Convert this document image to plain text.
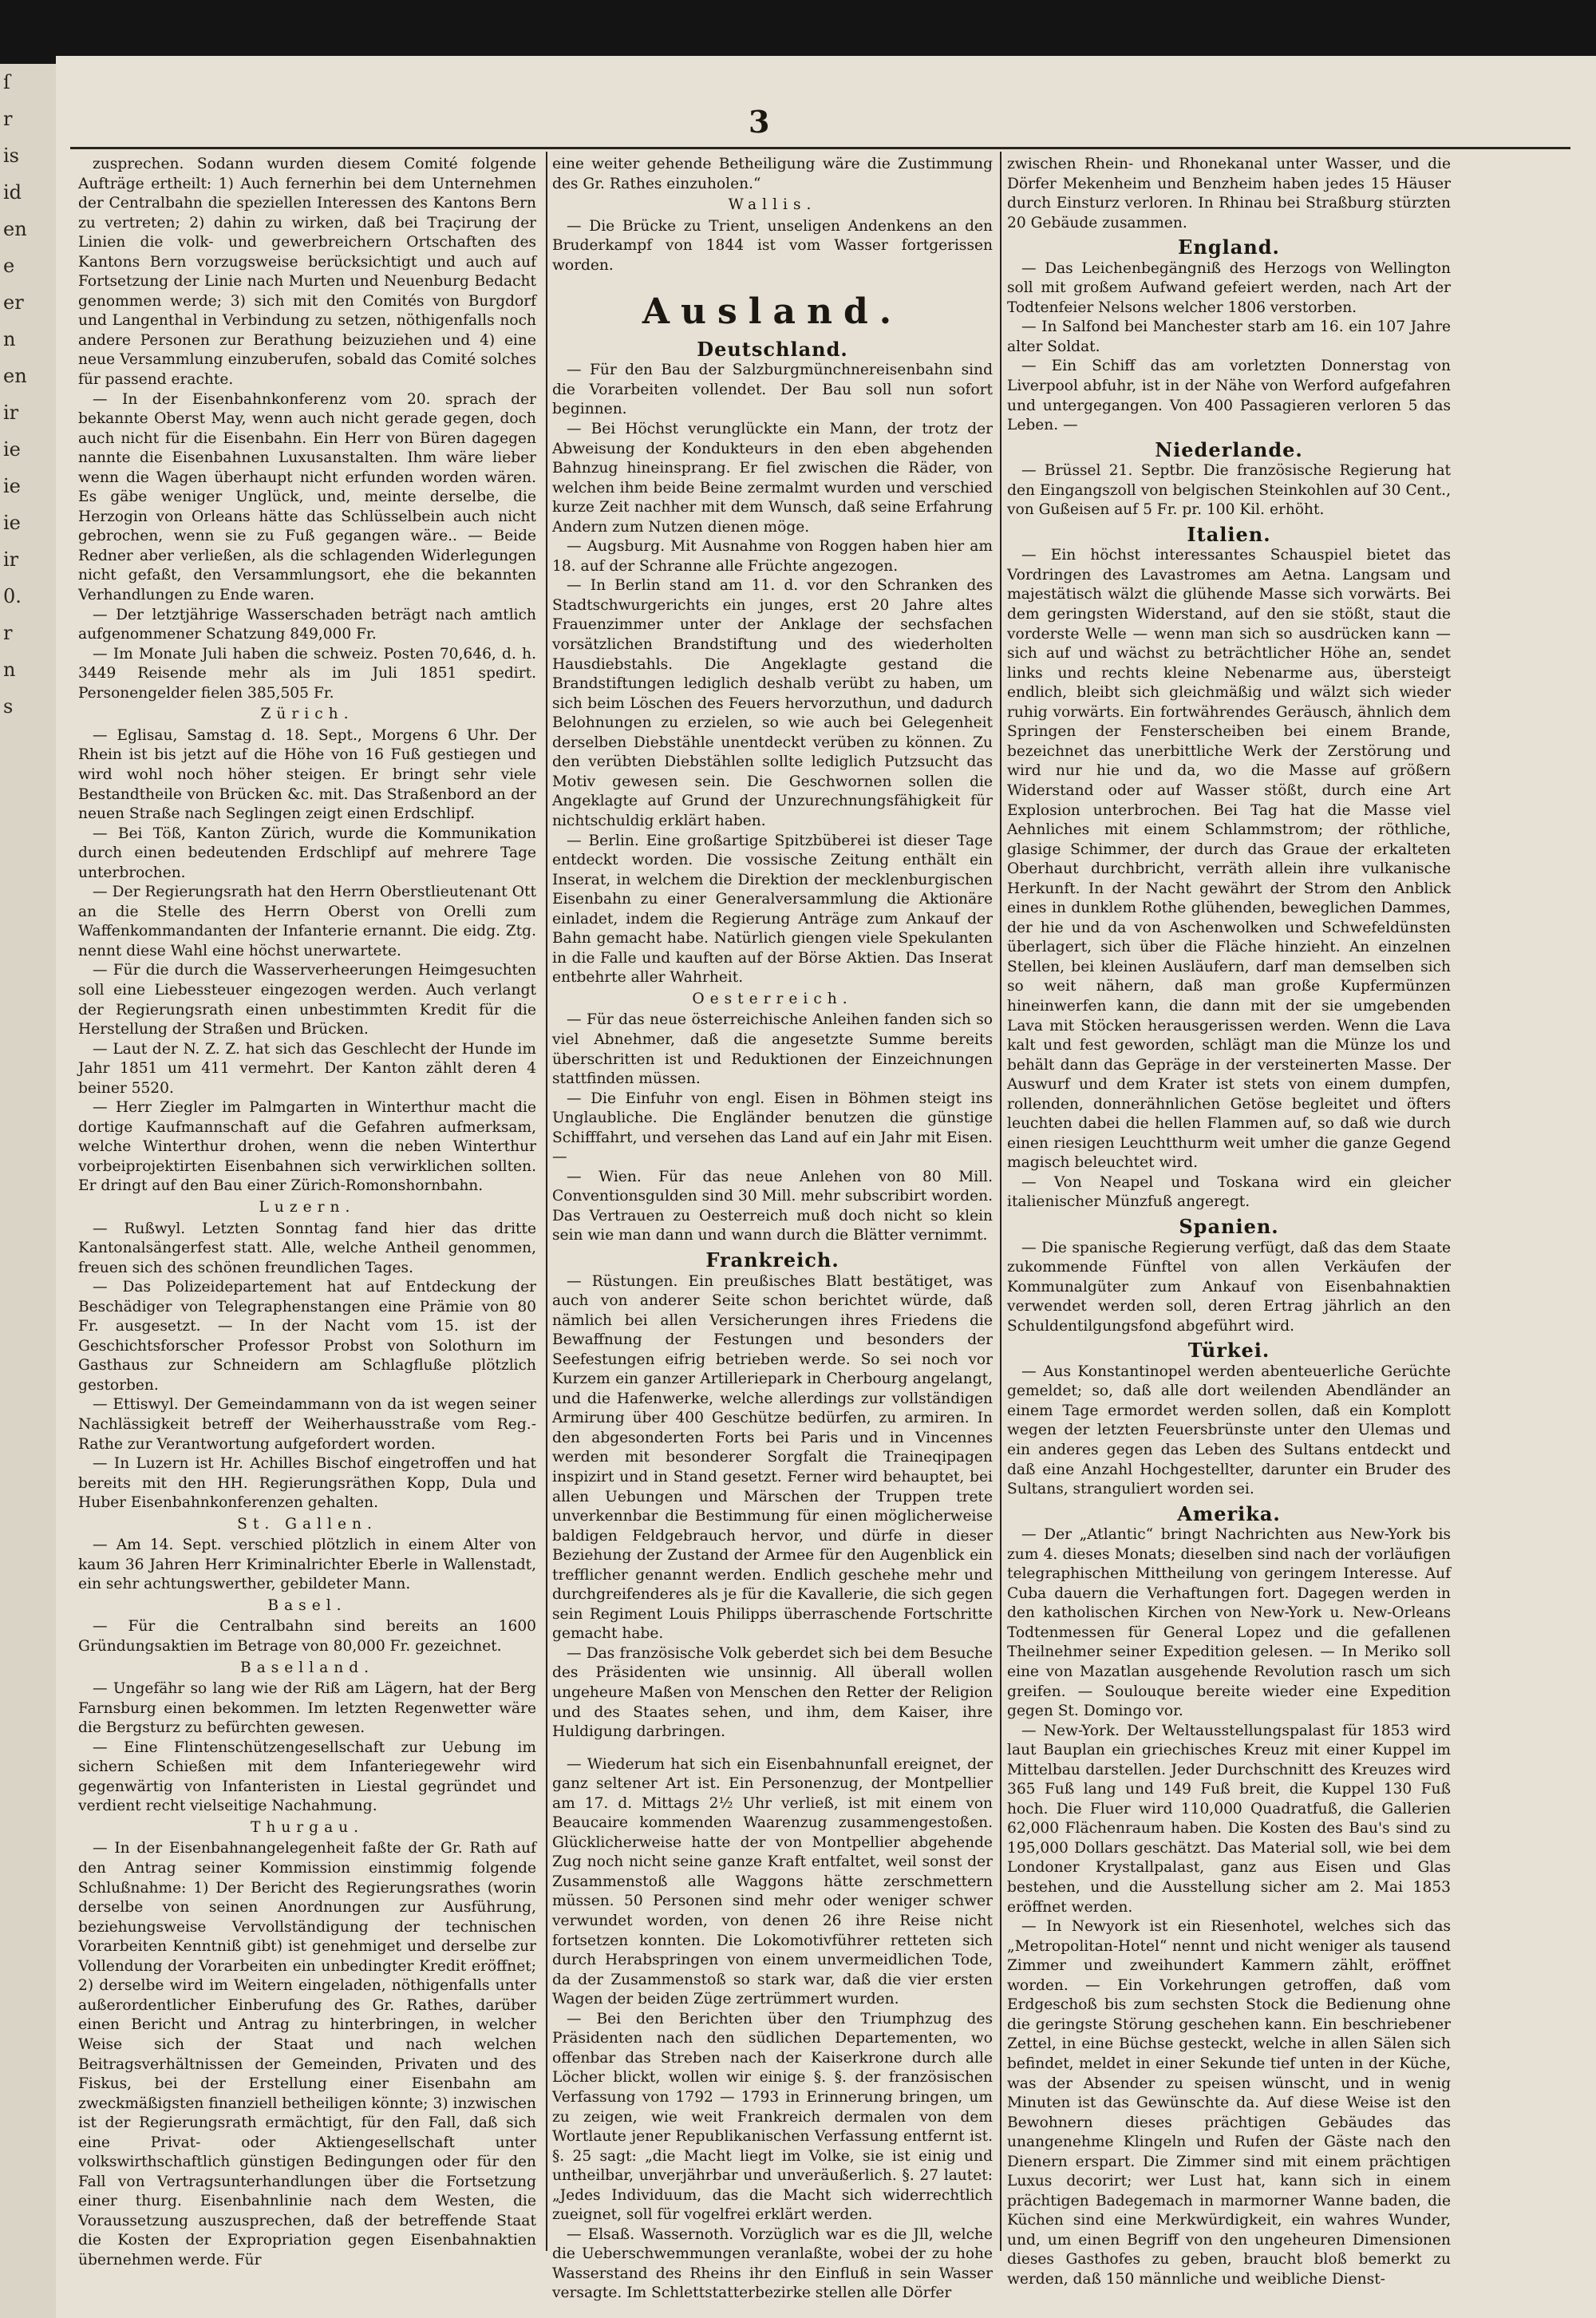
ſ
r
is
id
en
e
er
n
en
ir
ie
ie
ie
ir
0.
r
n
s
3

zusprechen. Sodann wurden diesem Comité folgende Aufträge ertheilt: 1) Auch fernerhin bei dem Unternehmen der Centralbahn die speziellen Interessen des Kantons Bern zu vertreten; 2) dahin zu wirken, daß bei Traçirung der Linien die volk- und gewerbreichern Ortschaften des Kantons Bern vorzugsweise berücksichtigt und auch auf Fortsetzung der Linie nach Murten und Neuenburg Bedacht genommen werde; 3) sich mit den Comités von Burgdorf und Langenthal in Verbindung zu setzen, nöthigenfalls noch andere Personen zur Berathung beizuziehen und 4) eine neue Versammlung einzuberufen, sobald das Comité solches für passend erachte.

— In der Eisenbahnkonferenz vom 20. sprach der bekannte Oberst May, wenn auch nicht gerade gegen, doch auch nicht für die Eisenbahn. Ein Herr von Büren dagegen nannte die Eisenbahnen Luxusanstalten. Ihm wäre lieber wenn die Wagen überhaupt nicht erfunden worden wären. Es gäbe weniger Unglück, und, meinte derselbe, die Herzogin von Orleans hätte das Schlüsselbein auch nicht gebrochen, wenn sie zu Fuß gegangen wäre.. — Beide Redner aber verließen, als die schlagenden Widerlegungen nicht gefaßt, den Versammlungsort, ehe die bekannten Verhandlungen zu Ende waren.

— Der letztjährige Wasserschaden beträgt nach amtlich aufgenommener Schatzung 849,000 Fr.

— Im Monate Juli haben die schweiz. Posten 70,646, d. h. 3449 Reisende mehr als im Juli 1851 spedirt. Personengelder fielen 385,505 Fr.

Zürich.

— Eglisau, Samstag d. 18. Sept., Morgens 6 Uhr. Der Rhein ist bis jetzt auf die Höhe von 16 Fuß gestiegen und wird wohl noch höher steigen. Er bringt sehr viele Bestandtheile von Brücken &c. mit. Das Straßenbord an der neuen Straße nach Seglingen zeigt einen Erdschlipf.

— Bei Töß, Kanton Zürich, wurde die Kommunikation durch einen bedeutenden Erdschlipf auf mehrere Tage unterbrochen.

— Der Regierungsrath hat den Herrn Oberstlieutenant Ott an die Stelle des Herrn Oberst von Orelli zum Waffenkommandanten der Infanterie ernannt. Die eidg. Ztg. nennt diese Wahl eine höchst unerwartete.

— Für die durch die Wasserverheerungen Heimgesuchten soll eine Liebessteuer eingezogen werden. Auch verlangt der Regierungsrath einen unbestimmten Kredit für die Herstellung der Straßen und Brücken.

— Laut der N. Z. Z. hat sich das Geschlecht der Hunde im Jahr 1851 um 411 vermehrt. Der Kanton zählt deren 4 beiner 5520.

— Herr Ziegler im Palmgarten in Winterthur macht die dortige Kaufmannschaft auf die Gefahren aufmerksam, welche Winterthur drohen, wenn die neben Winterthur vorbeiprojektirten Eisenbahnen sich verwirklichen sollten. Er dringt auf den Bau einer Zürich-Romonshornbahn.

Luzern.

— Rußwyl. Letzten Sonntag fand hier das dritte Kantonalsängerfest statt. Alle, welche Antheil genommen, freuen sich des schönen freundlichen Tages.

— Das Polizeidepartement hat auf Entdeckung der Beschädiger von Telegraphenstangen eine Prämie von 80 Fr. ausgesetzt. — In der Nacht vom 15. ist der Geschichtsforscher Professor Probst von Solothurn im Gasthaus zur Schneidern am Schlagfluße plötzlich gestorben.

— Ettiswyl. Der Gemeindammann von da ist wegen seiner Nachlässigkeit betreff der Weiherhausstraße vom Reg.-Rathe zur Verantwortung aufgefordert worden.

— In Luzern ist Hr. Achilles Bischof eingetroffen und hat bereits mit den HH. Regierungsräthen Kopp, Dula und Huber Eisenbahnkonferenzen gehalten.

St. Gallen.

— Am 14. Sept. verschied plötzlich in einem Alter von kaum 36 Jahren Herr Kriminalrichter Eberle in Wallenstadt, ein sehr achtungswerther, gebildeter Mann.

Basel.

— Für die Centralbahn sind bereits an 1600 Gründungsaktien im Betrage von 80,000 Fr. gezeichnet.

Baselland.

— Ungefähr so lang wie der Riß am Lägern, hat der Berg Farnsburg einen bekommen. Im letzten Regenwetter wäre die Bergsturz zu befürchten gewesen.

— Eine Flintenschützengesellschaft zur Uebung im sichern Schießen mit dem Infanteriegewehr wird gegenwärtig von Infanteristen in Liestal gegründet und verdient recht vielseitige Nachahmung.

Thurgau.

— In der Eisenbahnangelegenheit faßte der Gr. Rath auf den Antrag seiner Kommission einstimmig folgende Schlußnahme: 1) Der Bericht des Regierungsrathes (worin derselbe von seinen Anordnungen zur Ausführung, beziehungsweise Vervollständigung der technischen Vorarbeiten Kenntniß gibt) ist genehmiget und derselbe zur Vollendung der Vorarbeiten ein unbedingter Kredit eröffnet; 2) derselbe wird im Weitern eingeladen, nöthigenfalls unter außerordentlicher Einberufung des Gr. Rathes, darüber einen Bericht und Antrag zu hinterbringen, in welcher Weise sich der Staat und nach welchen Beitragsverhältnissen der Gemeinden, Privaten und des Fiskus, bei der Erstellung einer Eisenbahn am zweckmäßigsten finanziell betheiligen könnte; 3) inzwischen ist der Regierungsrath ermächtigt, für den Fall, daß sich eine Privat- oder Aktiengesellschaft unter volkswirthschaftlich günstigen Bedingungen oder für den Fall von Vertragsunterhandlungen über die Fortsetzung einer thurg. Eisenbahnlinie nach dem Westen, die Voraussetzung auszusprechen, daß der betreffende Staat die Kosten der Expropriation gegen Eisenbahnaktien übernehmen werde. Für

eine weiter gehende Betheiligung wäre die Zustimmung des Gr. Rathes einzuholen.“

Wallis.

— Die Brücke zu Trient, unseligen Andenkens an den Bruderkampf von 1844 ist vom Wasser fortgerissen worden.

Ausland.
Deutschland.

— Für den Bau der Salzburgmünchnereisenbahn sind die Vorarbeiten vollendet. Der Bau soll nun sofort beginnen.

— Bei Höchst verunglückte ein Mann, der trotz der Abweisung der Kondukteurs in den eben abgehenden Bahnzug hineinsprang. Er fiel zwischen die Räder, von welchen ihm beide Beine zermalmt wurden und verschied kurze Zeit nachher mit dem Wunsch, daß seine Erfahrung Andern zum Nutzen dienen möge.

— Augsburg. Mit Ausnahme von Roggen haben hier am 18. auf der Schranne alle Früchte angezogen.

— In Berlin stand am 11. d. vor den Schranken des Stadtschwurgerichts ein junges, erst 20 Jahre altes Frauenzimmer unter der Anklage der sechsfachen vorsätzlichen Brandstiftung und des wiederholten Hausdiebstahls. Die Angeklagte gestand die Brandstiftungen lediglich deshalb verübt zu haben, um sich beim Löschen des Feuers hervorzuthun, und dadurch Belohnungen zu erzielen, so wie auch bei Gelegenheit derselben Diebstähle unentdeckt verüben zu können. Zu den verübten Diebstählen sollte lediglich Putzsucht das Motiv gewesen sein. Die Geschwornen sollen die Angeklagte auf Grund der Unzurechnungsfähigkeit für nichtschuldig erklärt haben.

— Berlin. Eine großartige Spitzbüberei ist dieser Tage entdeckt worden. Die vossische Zeitung enthält ein Inserat, in welchem die Direktion der mecklenburgischen Eisenbahn zu einer Generalversammlung die Aktionäre einladet, indem die Regierung Anträge zum Ankauf der Bahn gemacht habe. Natürlich giengen viele Spekulanten in die Falle und kauften auf der Börse Aktien. Das Inserat entbehrte aller Wahrheit.

Oesterreich.

— Für das neue österreichische Anleihen fanden sich so viel Abnehmer, daß die angesetzte Summe bereits überschritten ist und Reduktionen der Einzeichnungen stattfinden müssen.

— Die Einfuhr von engl. Eisen in Böhmen steigt ins Unglaubliche. Die Engländer benutzen die günstige Schifffahrt, und versehen das Land auf ein Jahr mit Eisen. —

— Wien. Für das neue Anlehen von 80 Mill. Conventionsgulden sind 30 Mill. mehr subscribirt worden. Das Vertrauen zu Oesterreich muß doch nicht so klein sein wie man dann und wann durch die Blätter vernimmt.

Frankreich.

— Rüstungen. Ein preußisches Blatt bestätiget, was auch von anderer Seite schon berichtet würde, daß nämlich bei allen Versicherungen ihres Friedens die Bewaffnung der Festungen und besonders der Seefestungen eifrig betrieben werde. So sei noch vor Kurzem ein ganzer Artilleriepark in Cherbourg angelangt, und die Hafenwerke, welche allerdings zur vollständigen Armirung über 400 Geschütze bedürfen, zu armiren. In den abgesonderten Forts bei Paris und in Vincennes werden mit besonderer Sorgfalt die Traineqipagen inspizirt und in Stand gesetzt. Ferner wird behauptet, bei allen Uebungen und Märschen der Truppen trete unverkennbar die Bestimmung für einen möglicherweise baldigen Feldgebrauch hervor, und dürfe in dieser Beziehung der Zustand der Armee für den Augenblick ein trefflicher genannt werden. Endlich geschehe mehr und durchgreifenderes als je für die Kavallerie, die sich gegen sein Regiment Louis Philipps überraschende Fortschritte gemacht habe.

— Das französische Volk geberdet sich bei dem Besuche des Präsidenten wie unsinnig. All überall wollen ungeheure Maßen von Menschen den Retter der Religion und des Staates sehen, und ihm, dem Kaiser, ihre Huldigung darbringen.

— Wiederum hat sich ein Eisenbahnunfall ereignet, der ganz seltener Art ist. Ein Personenzug, der Montpellier am 17. d. Mittags 2½ Uhr verließ, ist mit einem von Beaucaire kommenden Waarenzug zusammengestoßen. Glücklicherweise hatte der von Montpellier abgehende Zug noch nicht seine ganze Kraft entfaltet, weil sonst der Zusammenstoß alle Waggons hätte zerschmettern müssen. 50 Personen sind mehr oder weniger schwer verwundet worden, von denen 26 ihre Reise nicht fortsetzen konnten. Die Lokomotivführer retteten sich durch Herabspringen von einem unvermeidlichen Tode, da der Zusammenstoß so stark war, daß die vier ersten Wagen der beiden Züge zertrümmert wurden.

— Bei den Berichten über den Triumphzug des Präsidenten nach den südlichen Departementen, wo offenbar das Streben nach der Kaiserkrone durch alle Löcher blickt, wollen wir einige §. §. der französischen Verfassung von 1792 — 1793 in Erinnerung bringen, um zu zeigen, wie weit Frankreich dermalen von dem Wortlaute jener Republikanischen Verfassung entfernt ist. §. 25 sagt: „die Macht liegt im Volke, sie ist einig und untheilbar, unverjährbar und unveräußerlich. §. 27 lautet: „Jedes Individuum, das die Macht sich widerrechtlich zueignet, soll für vogelfrei erklärt werden.

— Elsaß. Wassernoth. Vorzüglich war es die Jll, welche die Ueberschwemmungen veranlaßte, wobei der zu hohe Wasserstand des Rheins ihr den Einfluß in sein Wasser versagte. Im Schlettstatterbezirke stellen alle Dörfer

zwischen Rhein- und Rhonekanal unter Wasser, und die Dörfer Mekenheim und Benzheim haben jedes 15 Häuser durch Einsturz verloren. In Rhinau bei Straßburg stürzten 20 Gebäude zusammen.

England.

— Das Leichenbegängniß des Herzogs von Wellington soll mit großem Aufwand gefeiert werden, nach Art der Todtenfeier Nelsons welcher 1806 verstorben.

— In Salfond bei Manchester starb am 16. ein 107 Jahre alter Soldat.

— Ein Schiff das am vorletzten Donnerstag von Liverpool abfuhr, ist in der Nähe von Werford aufgefahren und untergegangen. Von 400 Passagieren verloren 5 das Leben. —

Niederlande.

— Brüssel 21. Septbr. Die französische Regierung hat den Eingangszoll von belgischen Steinkohlen auf 30 Cent., von Gußeisen auf 5 Fr. pr. 100 Kil. erhöht.

Italien.

— Ein höchst interessantes Schauspiel bietet das Vordringen des Lavastromes am Aetna. Langsam und majestätisch wälzt die glühende Masse sich vorwärts. Bei dem geringsten Widerstand, auf den sie stößt, staut die vorderste Welle — wenn man sich so ausdrücken kann — sich auf und wächst zu beträchtlicher Höhe an, sendet links und rechts kleine Nebenarme aus, übersteigt endlich, bleibt sich gleichmäßig und wälzt sich wieder ruhig vorwärts. Ein fortwährendes Geräusch, ähnlich dem Springen der Fensterscheiben bei einem Brande, bezeichnet das unerbittliche Werk der Zerstörung und wird nur hie und da, wo die Masse auf größern Widerstand oder auf Wasser stößt, durch eine Art Explosion unterbrochen. Bei Tag hat die Masse viel Aehnliches mit einem Schlammstrom; der röthliche, glasige Schimmer, der durch das Graue der erkalteten Oberhaut durchbricht, verräth allein ihre vulkanische Herkunft. In der Nacht gewährt der Strom den Anblick eines in dunklem Rothe glühenden, beweglichen Dammes, der hie und da von Aschenwolken und Schwefeldünsten überlagert, sich über die Fläche hinzieht. An einzelnen Stellen, bei kleinen Ausläufern, darf man demselben sich so weit nähern, daß man große Kupfermünzen hineinwerfen kann, die dann mit der sie umgebenden Lava mit Stöcken herausgerissen werden. Wenn die Lava kalt und fest geworden, schlägt man die Münze los und behält dann das Gepräge in der versteinerten Masse. Der Auswurf und dem Krater ist stets von einem dumpfen, rollenden, donnerähnlichen Getöse begleitet und öfters leuchten dabei die hellen Flammen auf, so daß wie durch einen riesigen Leuchtthurm weit umher die ganze Gegend magisch beleuchtet wird.

— Von Neapel und Toskana wird ein gleicher italienischer Münzfuß angeregt.

Spanien.

— Die spanische Regierung verfügt, daß das dem Staate zukommende Fünftel von allen Verkäufen der Kommunalgüter zum Ankauf von Eisenbahnaktien verwendet werden soll, deren Ertrag jährlich an den Schuldentilgungsfond abgeführt wird.

Türkei.

— Aus Konstantinopel werden abenteuerliche Gerüchte gemeldet; so, daß alle dort weilenden Abendländer an einem Tage ermordet werden sollen, daß ein Komplott wegen der letzten Feuersbrünste unter den Ulemas und ein anderes gegen das Leben des Sultans entdeckt und daß eine Anzahl Hochgestellter, darunter ein Bruder des Sultans, stranguliert worden sei.

Amerika.

— Der „Atlantic“ bringt Nachrichten aus New-York bis zum 4. dieses Monats; dieselben sind nach der vorläufigen telegraphischen Mittheilung von geringem Interesse. Auf Cuba dauern die Verhaftungen fort. Dagegen werden in den katholischen Kirchen von New-York u. New-Orleans Todtenmessen für General Lopez und die gefallenen Theilnehmer seiner Expedition gelesen. — In Meriko soll eine von Mazatlan ausgehende Revolution rasch um sich greifen. — Soulouque bereite wieder eine Expedition gegen St. Domingo vor.

— New-York. Der Weltausstellungspalast für 1853 wird laut Bauplan ein griechisches Kreuz mit einer Kuppel im Mittelbau darstellen. Jeder Durchschnitt des Kreuzes wird 365 Fuß lang und 149 Fuß breit, die Kuppel 130 Fuß hoch. Die Fluer wird 110,000 Quadratfuß, die Gallerien 62,000 Flächenraum haben. Die Kosten des Bau's sind zu 195,000 Dollars geschätzt. Das Material soll, wie bei dem Londoner Krystallpalast, ganz aus Eisen und Glas bestehen, und die Ausstellung sicher am 2. Mai 1853 eröffnet werden.

— In Newyork ist ein Riesenhotel, welches sich das „Metropolitan-Hotel“ nennt und nicht weniger als tausend Zimmer und zweihundert Kammern zählt, eröffnet worden. — Ein Vorkehrungen getroffen, daß vom Erdgeschoß bis zum sechsten Stock die Bedienung ohne die geringste Störung geschehen kann. Ein beschriebener Zettel, in eine Büchse gesteckt, welche in allen Sälen sich befindet, meldet in einer Sekunde tief unten in der Küche, was der Absender zu speisen wünscht, und in wenig Minuten ist das Gewünschte da. Auf diese Weise ist den Bewohnern dieses prächtigen Gebäudes das unangenehme Klingeln und Rufen der Gäste nach den Dienern erspart. Die Zimmer sind mit einem prächtigen Luxus decorirt; wer Lust hat, kann sich in einem prächtigen Badegemach in marmorner Wanne baden, die Küchen sind eine Merkwürdigkeit, ein wahres Wunder, und, um einen Begriff von den ungeheuren Dimensionen dieses Gasthofes zu geben, braucht bloß bemerkt zu werden, daß 150 männliche und weibliche Dienst-
